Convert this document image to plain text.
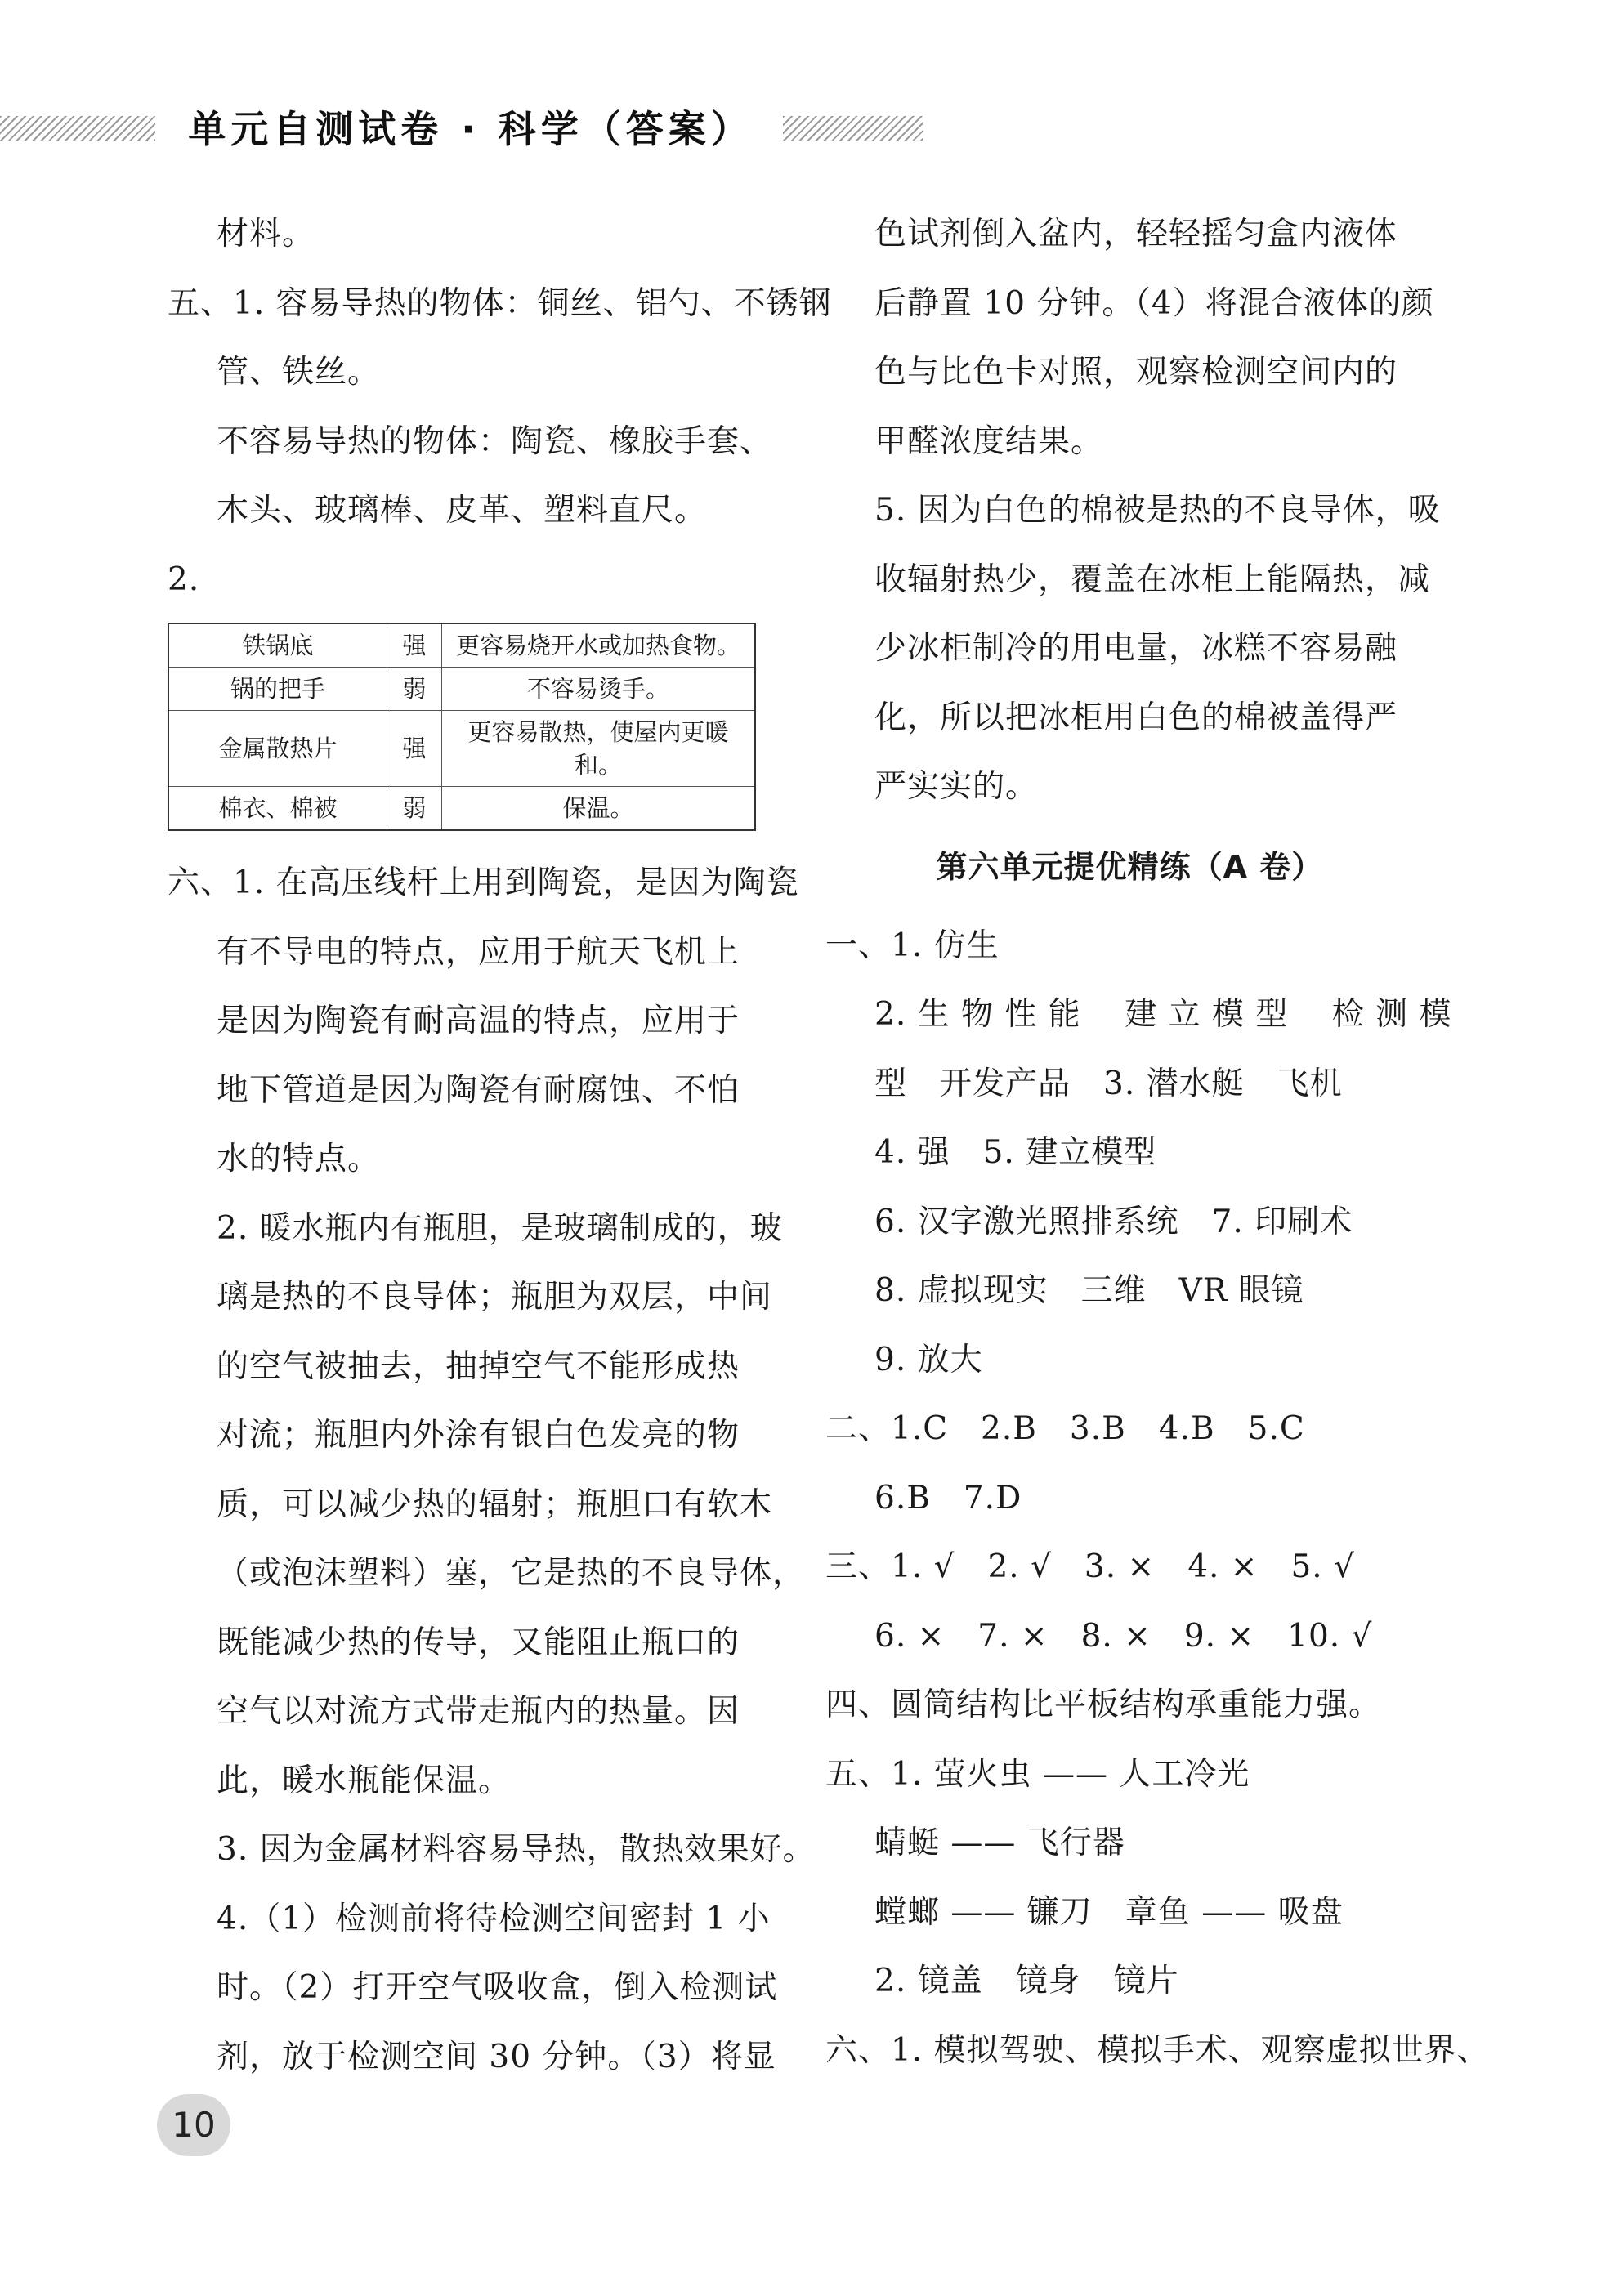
单元自测试卷 · 科学（答案）
材料。
五、1. 容易导热的物体：铜丝、铝勺、不锈钢
管、铁丝。
不容易导热的物体：陶瓷、橡胶手套、
木头、玻璃棒、皮革、塑料直尺。
2.
铁锅底	强	更容易烧开水或加热食物。
锅的把手	弱	不容易烫手。
金属散热片	强	更容易散热，使屋内更暖和。
棉衣、棉被	弱	保温。
六、1. 在高压线杆上用到陶瓷，是因为陶瓷
有不导电的特点，应用于航天飞机上
是因为陶瓷有耐高温的特点，应用于
地下管道是因为陶瓷有耐腐蚀、不怕
水的特点。
2. 暖水瓶内有瓶胆，是玻璃制成的，玻
璃是热的不良导体；瓶胆为双层，中间
的空气被抽去，抽掉空气不能形成热
对流；瓶胆内外涂有银白色发亮的物
质，可以减少热的辐射；瓶胆口有软木
（或泡沫塑料）塞，它是热的不良导体，
既能减少热的传导，又能阻止瓶口的
空气以对流方式带走瓶内的热量。因
此，暖水瓶能保温。
3. 因为金属材料容易导热，散热效果好。
4.（1）检测前将待检测空间密封 1 小
时。（2）打开空气吸收盒，倒入检测试
剂，放于检测空间 30 分钟。（3）将显
色试剂倒入盆内，轻轻摇匀盒内液体
后静置 10 分钟。（4）将混合液体的颜
色与比色卡对照，观察检测空间内的
甲醛浓度结果。
5. 因为白色的棉被是热的不良导体，吸
收辐射热少，覆盖在冰柜上能隔热，减
少冰柜制冷的用电量，冰糕不容易融
化，所以把冰柜用白色的棉被盖得严
严实实的。
第六单元提优精练（A 卷）
一、1. 仿生
2. 生 物 性 能　 建 立 模 型　 检 测 模
型　开发产品　3. 潜水艇　飞机
4. 强　5. 建立模型
6. 汉字激光照排系统　7. 印刷术
8. 虚拟现实　三维　VR 眼镜
9. 放大
二、1.C　2.B　3.B　4.B　5.C
6.B　7.D
三、1. √　2. √　3. ×　4. ×　5. √
6. ×　7. ×　8. ×　9. ×　10. √
四、圆筒结构比平板结构承重能力强。
五、1. 萤火虫 —— 人工冷光
蜻蜓 —— 飞行器
螳螂 —— 镰刀　章鱼 —— 吸盘
2. 镜盖　镜身　镜片
六、1. 模拟驾驶、模拟手术、观察虚拟世界、
10
